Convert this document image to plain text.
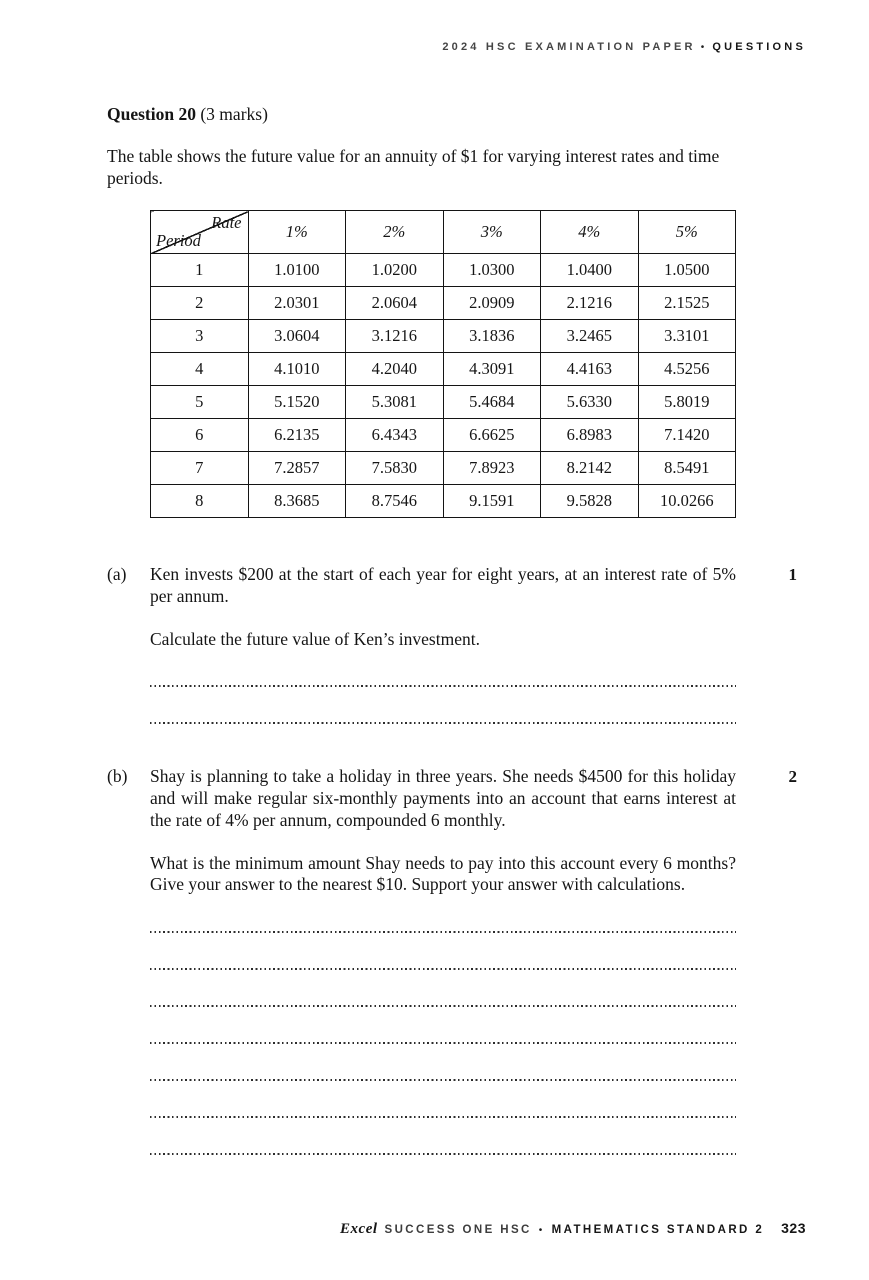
2024 HSC EXAMINATION PAPER • QUESTIONS
Question 20 (3 marks)

The table shows the future value for an annuity of $1 for varying interest rates and time periods.

Rate
Period	1%	2%	3%	4%	5%
1	1.0100	1.0200	1.0300	1.0400	1.0500
2	2.0301	2.0604	2.0909	2.1216	2.1525
3	3.0604	3.1216	3.1836	3.2465	3.3101
4	4.1010	4.2040	4.3091	4.4163	4.5256
5	5.1520	5.3081	5.4684	5.6330	5.8019
6	6.2135	6.4343	6.6625	6.8983	7.1420
7	7.2857	7.5830	7.8923	8.2142	8.5491
8	8.3685	8.7546	9.1591	9.5828	10.0266
(a)	Ken invests $200 at the start of each year for eight years, at an interest rate of 5% per annum.

Calculate the future value of Ken’s investment.

1
(b)	Shay is planning to take a holiday in three years. She needs $4500 for this holiday and will make regular six-monthly payments into an account that earns interest at the rate of 4% per annum, compounded 6 monthly.

What is the minimum amount Shay needs to pay into this account every 6 months? Give your answer to the nearest $10. Support your answer with calculations.

2
Excel SUCCESS ONE HSC • MATHEMATICS STANDARD 2 323
